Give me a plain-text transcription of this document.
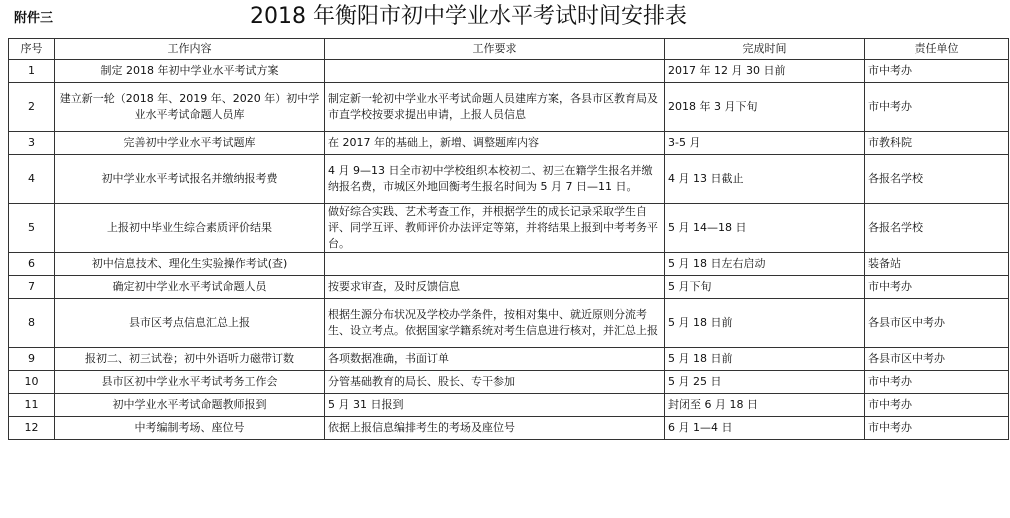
附件三	2018 年衡阳市初中学业水平考试时间安排表
序号	工作内容	工作要求	完成时间	责任单位
1	制定 2018 年初中学业水平考试方案		2017 年 12 月 30 日前	市中考办
2	建立新一轮（2018 年、2019 年、2020 年）初中学业水平考试命题人员库	制定新一轮初中学业水平考试命题人员建库方案，各县市区教育局及市直学校按要求提出申请，上报人员信息	2018 年 3 月下旬	市中考办
3	完善初中学业水平考试题库	在 2017 年的基础上，新增、调整题库内容	3-5 月	市教科院
4	初中学业水平考试报名并缴纳报考费	4 月 9—13 日全市初中学校组织本校初二、初三在籍学生报名并缴纳报名费，市城区外地回衡考生报名时间为 5 月 7 日—11 日。	4 月 13 日截止	各报名学校
5	上报初中毕业生综合素质评价结果	做好综合实践、艺术考查工作，并根据学生的成长记录采取学生自评、同学互评、教师评价办法评定等第，并将结果上报到中考考务平台。	5 月 14—18 日	各报名学校
6	初中信息技术、理化生实验操作考试(查)		5 月 18 日左右启动	装备站
7	确定初中学业水平考试命题人员	按要求审查，及时反馈信息	5 月下旬	市中考办
8	县市区考点信息汇总上报	根据生源分布状况及学校办学条件，按相对集中、就近原则分流考生、设立考点。依据国家学籍系统对考生信息进行核对，并汇总上报	5 月 18 日前	各县市区中考办
9	报初二、初三试卷；初中外语听力磁带订数	各项数据准确，书面订单	5 月 18 日前	各县市区中考办
10	县市区初中学业水平考试考务工作会	分管基础教育的局长、股长、专干参加	5 月 25 日	市中考办
11	初中学业水平考试命题教师报到	5 月 31 日报到	封闭至 6 月 18 日	市中考办
12	中考编制考场、座位号	依据上报信息编排考生的考场及座位号	6 月 1—4 日	市中考办
